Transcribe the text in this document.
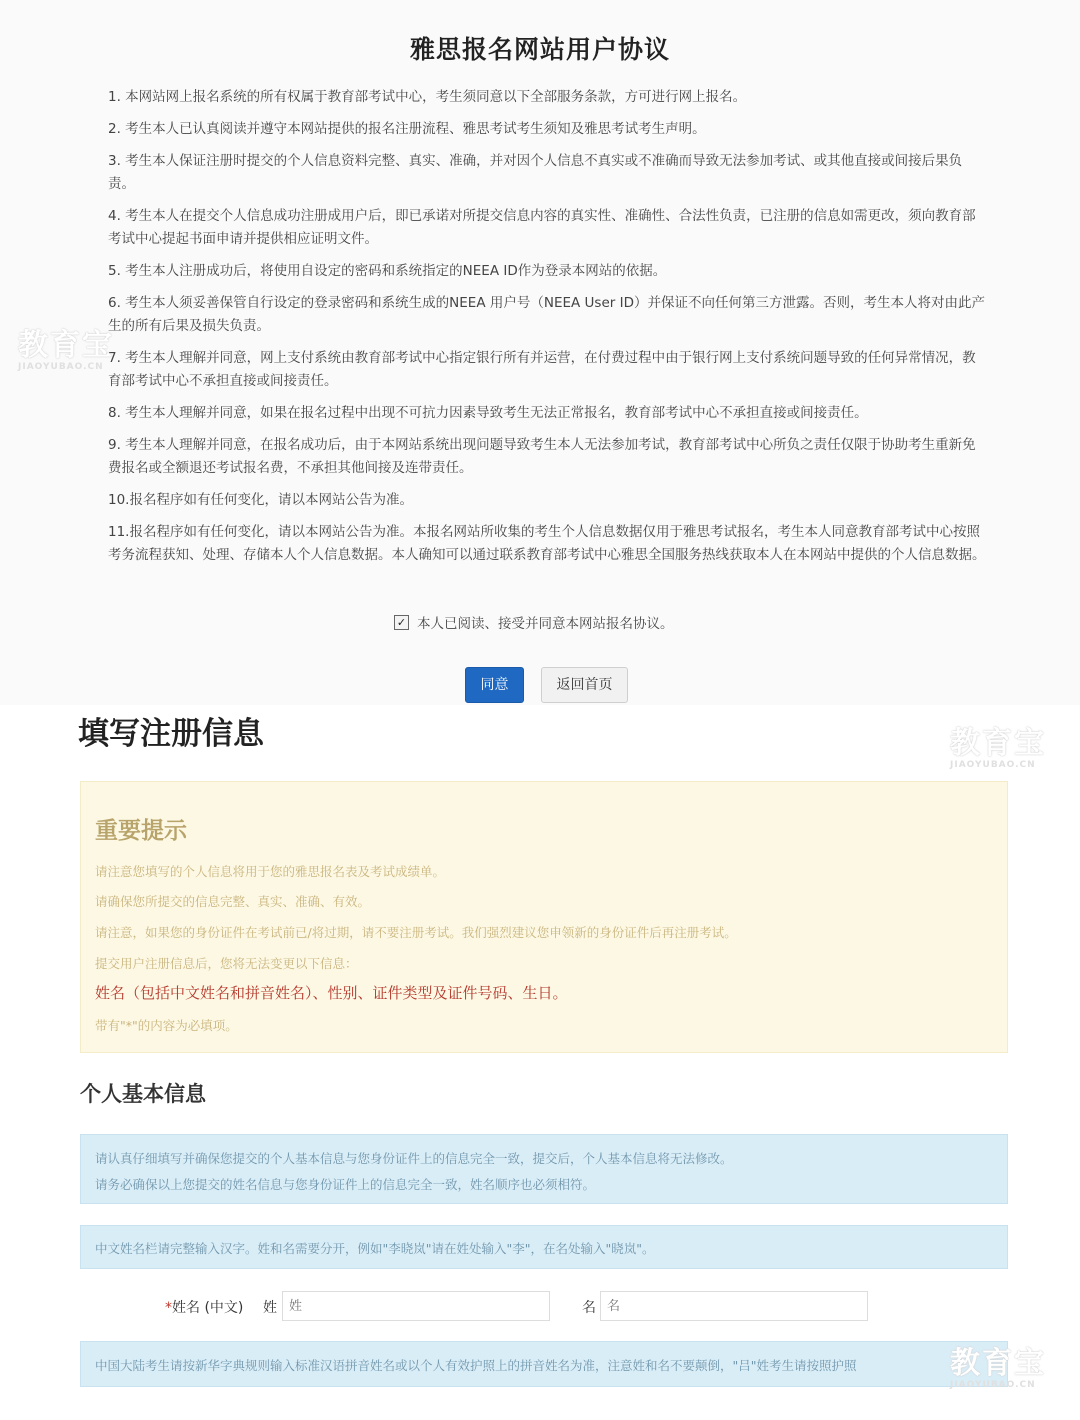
雅思报名网站用户协议
1. 本网站网上报名系统的所有权属于教育部考试中心，考生须同意以下全部服务条款，方可进行网上报名。
2. 考生本人已认真阅读并遵守本网站提供的报名注册流程、雅思考试考生须知及雅思考试考生声明。
3. 考生本人保证注册时提交的个人信息资料完整、真实、准确，并对因个人信息不真实或不准确而导致无法参加考试、或其他直接或间接后果负责。
4. 考生本人在提交个人信息成功注册成用户后，即已承诺对所提交信息内容的真实性、准确性、合法性负责，已注册的信息如需更改，须向教育部考试中心提起书面申请并提供相应证明文件。
5. 考生本人注册成功后，将使用自设定的密码和系统指定的NEEA ID作为登录本网站的依据。
6. 考生本人须妥善保管自行设定的登录密码和系统生成的NEEA 用户号（NEEA User ID）并保证不向任何第三方泄露。否则，考生本人将对由此产生的所有后果及损失负责。
7. 考生本人理解并同意，网上支付系统由教育部考试中心指定银行所有并运营，在付费过程中由于银行网上支付系统问题导致的任何异常情况，教育部考试中心不承担直接或间接责任。
8. 考生本人理解并同意，如果在报名过程中出现不可抗力因素导致考生无法正常报名，教育部考试中心不承担直接或间接责任。
9. 考生本人理解并同意，在报名成功后，由于本网站系统出现问题导致考生本人无法参加考试，教育部考试中心所负之责任仅限于协助考生重新免费报名或全额退还考试报名费，不承担其他间接及连带责任。
10.报名程序如有任何变化，请以本网站公告为准。
11.报名程序如有任何变化，请以本网站公告为准。本报名网站所收集的考生个人信息数据仅用于雅思考试报名，考生本人同意教育部考试中心按照考务流程获知、处理、存储本人个人信息数据。本人确知可以通过联系教育部考试中心雅思全国服务热线获取本人在本网站中提供的个人信息数据。
✓ 本人已阅读、接受并同意本网站报名协议。
同意	返回首页
填写注册信息
重要提示
请注意您填写的个人信息将用于您的雅思报名表及考试成绩单。
请确保您所提交的信息完整、真实、准确、有效。
请注意，如果您的身份证件在考试前已/将过期，请不要注册考试。我们强烈建议您申领新的身份证件后再注册考试。
提交用户注册信息后，您将无法变更以下信息：
姓名（包括中文姓名和拼音姓名）、性别、证件类型及证件号码、生日。
带有"*"的内容为必填项。
个人基本信息

请认真仔细填写并确保您提交的个人基本信息与您身份证件上的信息完全一致，提交后，个人基本信息将无法修改。

请务必确保以上您提交的姓名信息与您身份证件上的信息完全一致，姓名顺序也必须相符。

中文姓名栏请完整输入汉字。姓和名需要分开，例如"李晓岚"请在姓处输入"李"，在名处输入"晓岚"。

*姓名 (中文) 姓
姓	名
名

中国大陆考生请按新华字典规则输入标准汉语拼音姓名或以个人有效护照上的拼音姓名为准，注意姓和名不要颠倒，"吕"姓考生请按照护照

教育宝
JIAOYUBAO.CN
教育宝
JIAOYUBAO.CN
教育宝
JIAOYUBAO.CN
